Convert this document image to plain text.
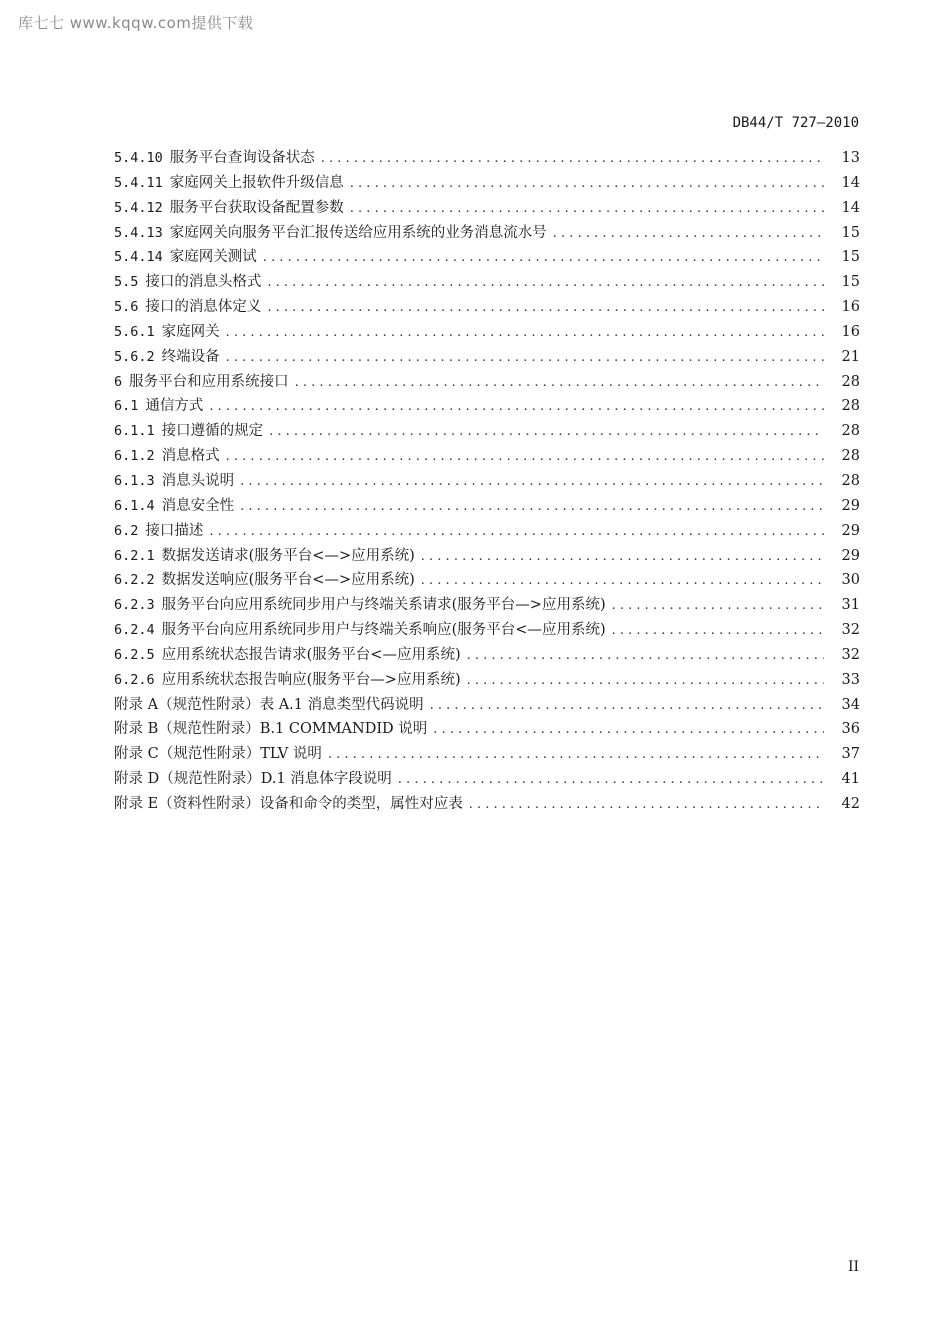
库七七 www.kqqw.com提供下载
DB44/T 727—2010
5.4.10 服务平台查询设备状态 . . .	13
5.4.11 家庭网关上报软件升级信息 . . .	14
5.4.12 服务平台获取设备配置参数 . . .	14
5.4.13 家庭网关向服务平台汇报传送给应用系统的业务消息流水号 . . .	15
5.4.14 家庭网关测试 . . .	15
5.5 接口的消息头格式 . . .	15
5.6 接口的消息体定义 . . .	16
5.6.1 家庭网关 . . .	16
5.6.2 终端设备 . . .	21
6 服务平台和应用系统接口 . . .	28
6.1 通信方式 . . .	28
6.1.1 接口遵循的规定 . . .	28
6.1.2 消息格式 . . .	28
6.1.3 消息头说明 . . .	28
6.1.4 消息安全性 . . .	29
6.2 接口描述 . . .	29
6.2.1 数据发送请求(服务平台<—>应用系统) . . .	29
6.2.2 数据发送响应(服务平台<—>应用系统) . . .	30
6.2.3 服务平台向应用系统同步用户与终端关系请求(服务平台—>应用系统) . . .	31
6.2.4 服务平台向应用系统同步用户与终端关系响应(服务平台<—应用系统) . . .	32
6.2.5 应用系统状态报告请求(服务平台<—应用系统) . . .	32
6.2.6 应用系统状态报告响应(服务平台—>应用系统) . . .	33
附录 A（规范性附录）表 A.1 消息类型代码说明 . . .	34
附录 B（规范性附录）B.1 COMMANDID 说明 . . .	36
附录 C（规范性附录）TLV 说明 . . .	37
附录 D（规范性附录）D.1 消息体字段说明 . . .	41
附录 E（资料性附录）设备和命令的类型，属性对应表 . . .	42
II
